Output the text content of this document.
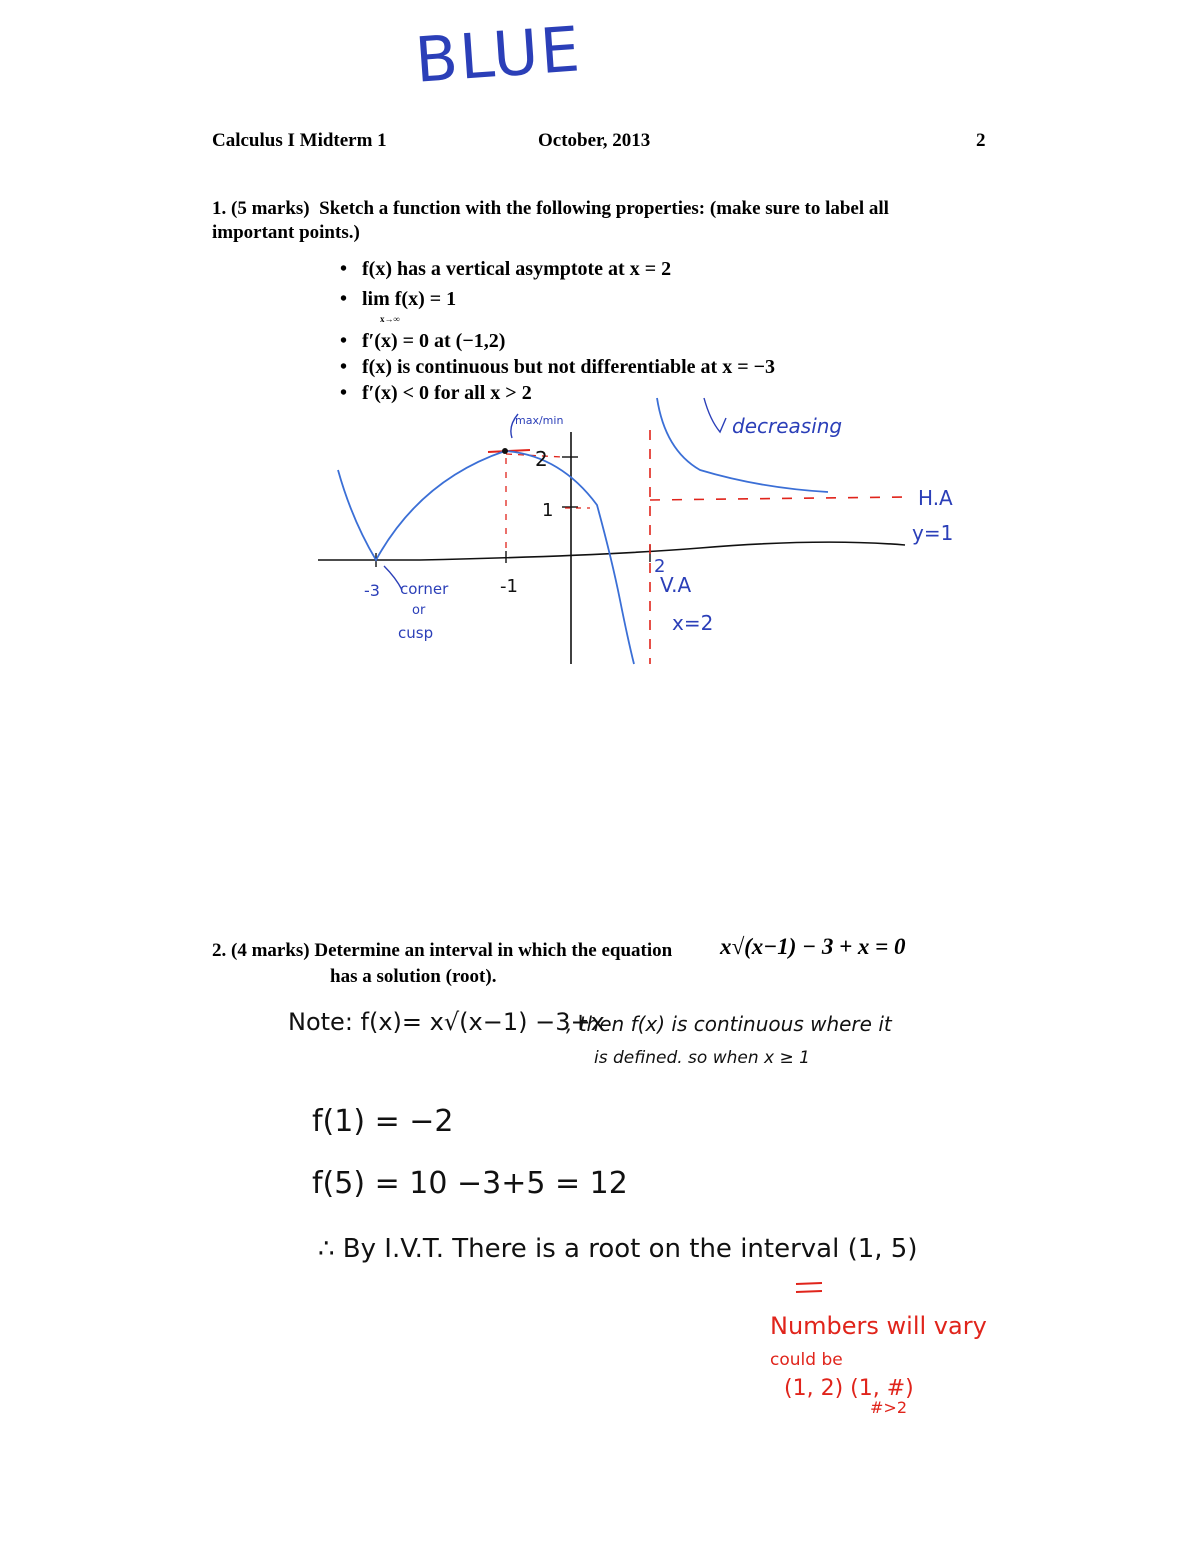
BLUE
Calculus I Midterm 1	October, 2013	2
1. (5 marks) Sketch a function with the following properties: (make sure to label all
important points.)
• f(x) has a vertical asymptote at x = 2
• lim f(x) = 1
x→∞
• f′(x) = 0 at (−1,2)
• f(x) is continuous but not differentiable at x = −3
• f′(x) < 0 for all x > 2
max/min	decreasing
H.A
y=1
V.A
x=2
corner
or
cusp
-3	-1
2
2
1
2. (4 marks) Determine an interval in which the equation x√(x−1) − 3 + x = 0
has a solution (root).
Note: f(x)= x√(x−1) −3+x
, then f(x) is continuous where it
is defined. so when x ≥ 1
f(1) = −2
f(5) = 10 −3+5 = 12
∴ By I.V.T. There is a root on the interval (1, 5)
Numbers will vary
could be
(1, 2) (1, #)
#>2
